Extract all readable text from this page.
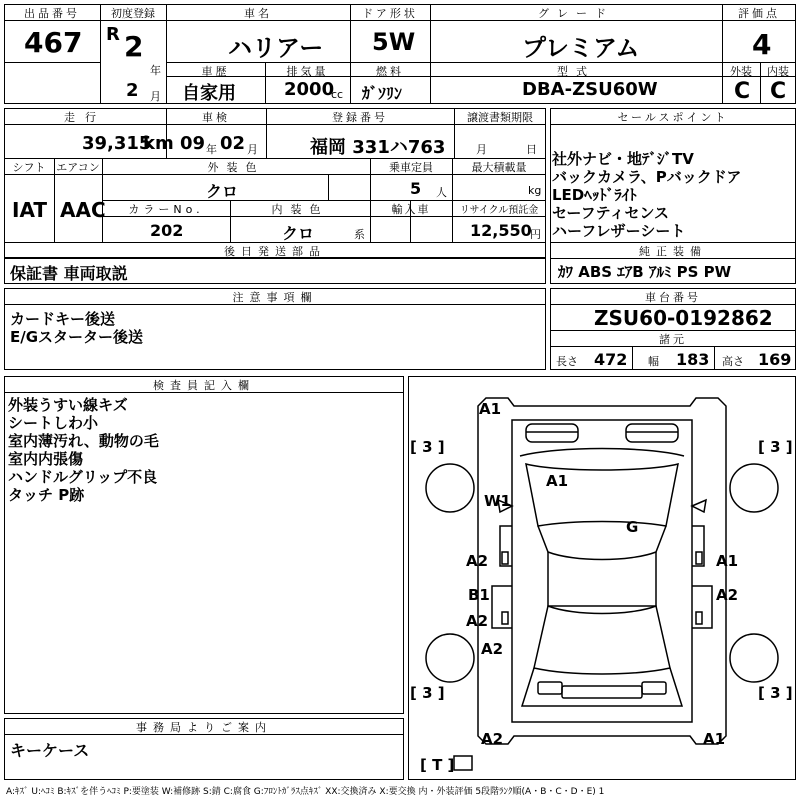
出品番号
467
初度登録
R 2
年
2 月
車名
ハリアー
ドア形状
5W
グレード
プレミアム
評価点
4
車歴
自家用
排気量
2000
cc
燃料
ｶﾞｿﾘﾝ
型式
DBA-ZSU60W
外装
C
内装
C
走行
39,315
km
車検
09 年 02 月
登録番号
福岡 331ハ763
譲渡書類期限
月	日
シフト
IAT
エアコン
AAC
外装色
クロ
乗車定員
5 人
最大積載量
kg
カラーNo.
202
内装色
クロ	系
輸入車	リサイクル預託金
12,550
円
後日発送部品
保証書 車両取説
セールスポイント
社外ナビ・地ﾃﾞｼﾞTV
バックカメラ、Pバックドア
LEDﾍｯﾄﾞﾗｲﾄ
セーフティセンス
ハーフレザーシート
純正装備
ｶﾜ ABS ｴｱB ｱﾙﾐ PS PW
注意事項欄
カードキー後送
E/Gスターター後送
車台番号
ZSU60-0192862
諸元
長さ 472 幅 183 高さ 169
検査員記入欄
外装うすい線キズ
シートしわ小
室内薄汚れ、動物の毛
室内内張傷
ハンドルグリップ不良
タッチ P跡
事務局よりご案内
キーケース
A1
A1
W1
G
A2	A1
B1	A2
A2
A2
A2	A1
[ 3 ]	[ 3 ]
[ 3 ]	[ 3 ]
[ T ]
A:ｷｽﾞ U:ﾍｺﾐ B:ｷｽﾞを伴うﾍｺﾐ P:要塗装 W:補修跡 S:錆 C:腐食 G:ﾌﾛﾝﾄｶﾞﾗｽ点ｷｽﾞ XX:交換済み X:要交換 内・外装評価 5段階ﾗﾝｸ順(A・B・C・D・E) 1
